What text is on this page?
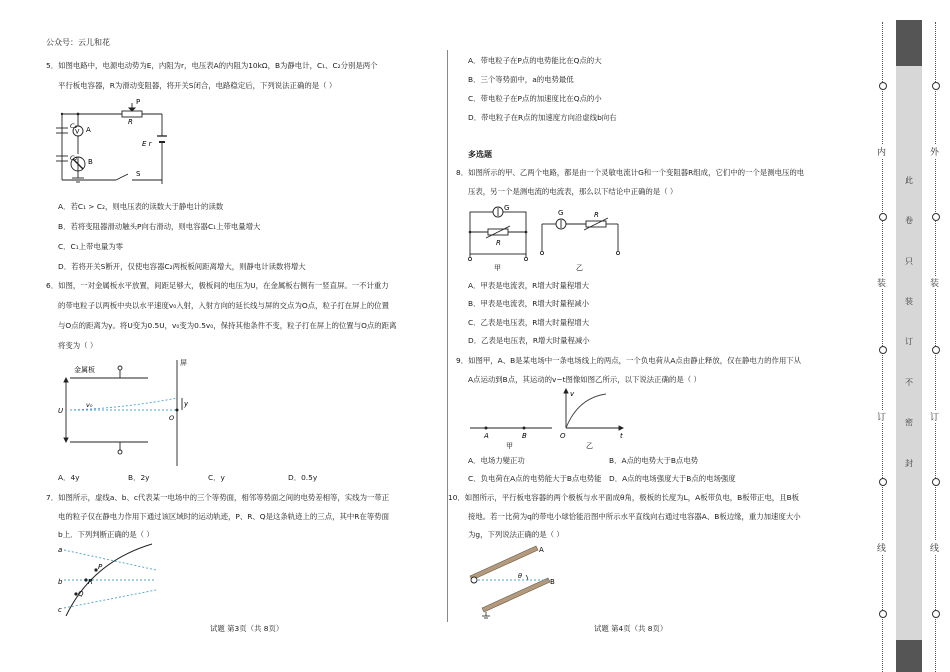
公众号：云儿和花
5．如图电路中，电源电动势为E，内阻为r，电压表A的内阻为10kΩ，B为静电计，C₁、C₂分别是两个
平行板电容器，R为滑动变阻器，将开关S闭合，电路稳定后，下列说法正确的是（ ）
P
R
C₁
C₂
V A
B
E r
S
A．若C₁ > C₂，则电压表的读数大于静电计的读数
B．若将变阻器滑动触头P向右滑动，则电容器C₁上带电量增大
C．C₁上带电量为零
D．若将开关S断开，仅使电容器C₂两板板间距离增大，则静电计读数将增大
6．如图，一对金属板水平放置，间距足够大，极板间的电压为U，在金属板右侧有一竖直屏。一不计重力
的带电粒子以两板中央以水平速度v₀入射，入射方向的延长线与屏的交点为O点，粒子打在屏上的位置
与O点的距离为y。将U变为0.5U，v₀变为0.5v₀，保持其他条件不变，粒子打在屏上的位置与O点的距离
将变为（ ）
金属板
屏
U
v₀	y
O
A．4y	B．2y	C．y	D．0.5y
7．如图所示，虚线a、b、c代表某一电场中的三个等势面，相邻等势面之间的电势差相等，实线为一带正
电的粒子仅在静电力作用下通过该区域时的运动轨迹，P、R、Q是这条轨迹上的三点，其中R在等势面
b上．下列判断正确的是（ ）
a
b
c
P
R
Q
试题 第3页（共 8页）
A．带电粒子在P点的电势能比在Q点的大
B．三个等势面中，a的电势最低
C．带电粒子在P点的加速度比在Q点的小
D．带电粒子在R点的加速度方向沿虚线b向右
多选题
8．如图所示的甲、乙两个电路，都是由一个灵敏电流计G和一个变阻器R组成，它们中的一个是测电压的电
压表，另一个是测电流的电流表，那么以下结论中正确的是（ ）
G
R
G	R
甲	乙
A．甲表是电流表，R增大时量程增大
B．甲表是电流表，R增大时量程减小
C．乙表是电压表，R增大时量程增大
D．乙表是电压表，R增大时量程减小
9．如图甲，A、B是某电场中一条电场线上的两点，一个负电荷从A点由静止释放，仅在静电力的作用下从
A点运动到B点，其运动的v−t图像如图乙所示，以下说法正确的是（ ）
A	B
甲
v
t
O
乙
A．电场力變正功	B．A点的电势大于B点电势
C．负电荷在A点的电势能大于B点电势能 D．A点的电场强度大于B点的电场强度
10．如图所示，平行板电容器的两个极板与水平面成θ角，极板的长度为L，A板带负电，B板带正电，且B板
接地。若一比荷为q的带电小球恰能沿图中所示水平直线向右通过电容器A、B板边缘，重力加速度大小
为g，下列说法正确的是（ ）
A
B
θ
试题 第4页（共 8页）
此
卷
只
装
订
不
密
封
内
装
订
线
外
装
订
线
